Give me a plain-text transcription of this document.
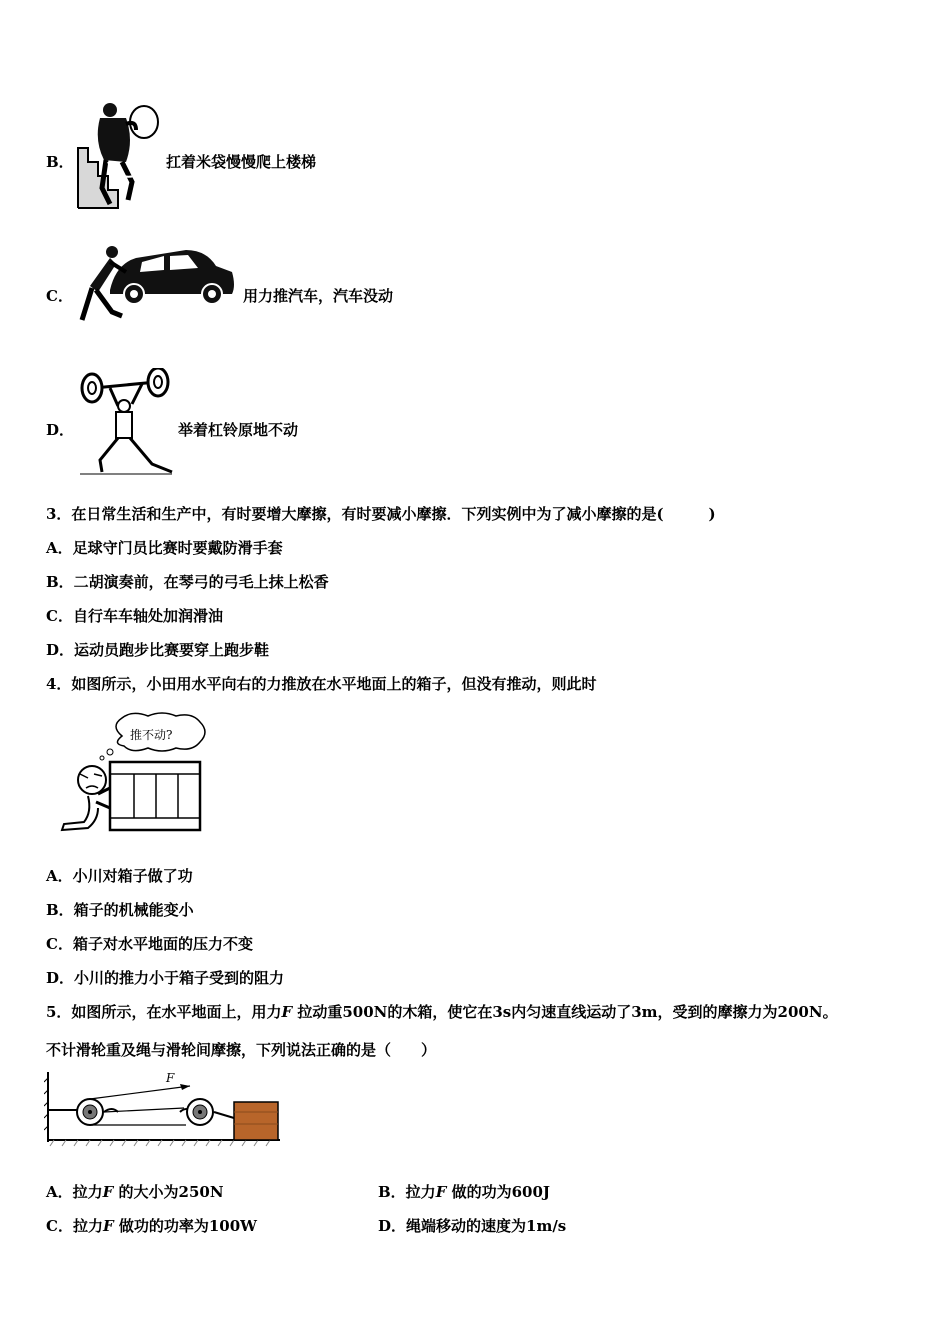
B．	扛着米袋慢慢爬上楼梯
C．	用力推汽车，汽车没动
D．	举着杠铃原地不动
3．在日常生活和生产中，有时要增大摩擦，有时要减小摩擦．下列实例中为了减小摩擦的是(　　　)
A．足球守门员比赛时要戴防滑手套
B．二胡演奏前，在琴弓的弓毛上抹上松香
C．自行车车轴处加润滑油
D．运动员跑步比赛要穿上跑步鞋
4．如图所示，小田用水平向右的力推放在水平地面上的箱子，但没有推动，则此时
推不动?
A．小川对箱子做了功
B．箱子的机械能变小
C．箱子对水平地面的压力不变
D．小川的推力小于箱子受到的阻力
5．如图所示，在水平地面上，用力F 拉动重500N的木箱，使它在3s内匀速直线运动了3m，受到的摩擦力为200N。
不计滑轮重及绳与滑轮间摩擦，下列说法正确的是（　　）
F
A．拉力F 的大小为250N	B．拉力F 做的功为600J
C．拉力F 做功的功率为100W	D．绳端移动的速度为1m/s
